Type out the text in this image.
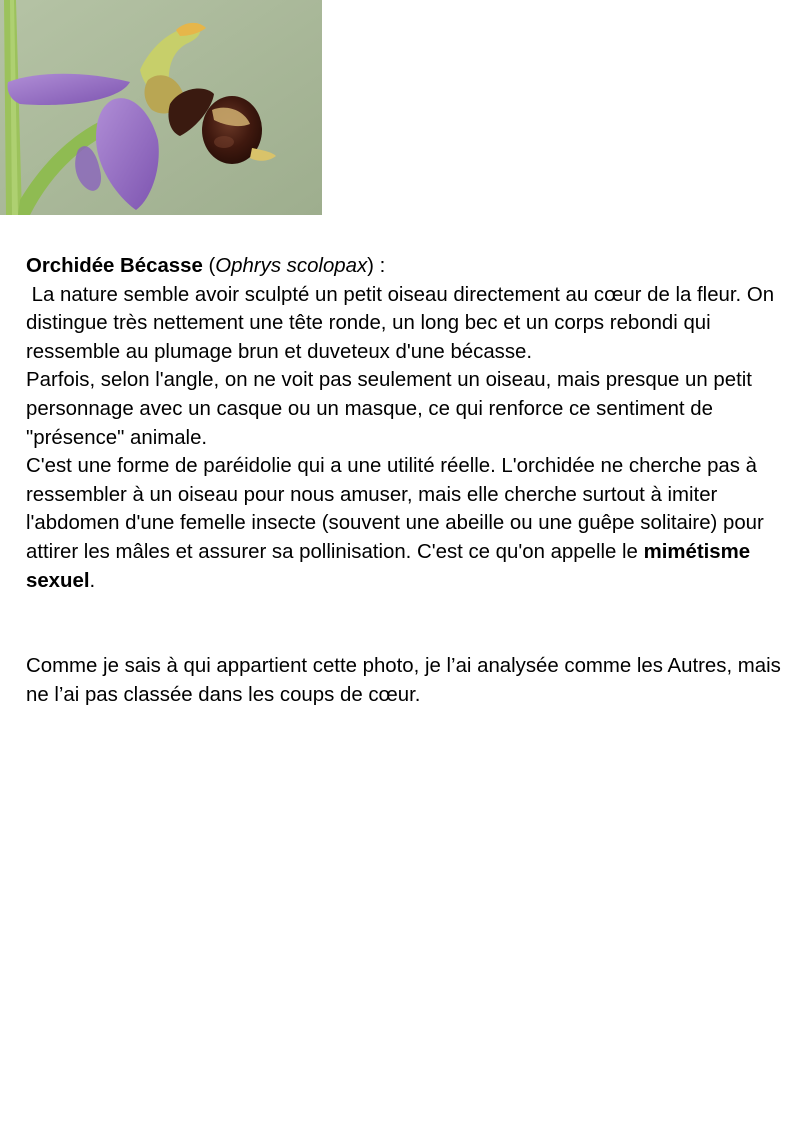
Orchidée Bécasse (Ophrys scolopax) :

La nature semble avoir sculpté un petit oiseau directement au cœur de la fleur. On distingue très nettement une tête ronde, un long bec et un corps rebondi qui ressemble au plumage brun et duveteux d'une bécasse.

Parfois, selon l'angle, on ne voit pas seulement un oiseau, mais presque un petit personnage avec un casque ou un masque, ce qui renforce ce sentiment de "présence" animale.

C'est une forme de paréidolie qui a une utilité réelle. L'orchidée ne cherche pas à ressembler à un oiseau pour nous amuser, mais elle cherche surtout à imiter l'abdomen d'une femelle insecte (souvent une abeille ou une guêpe solitaire) pour attirer les mâles et assurer sa pollinisation. C'est ce qu'on appelle le mimétisme sexuel.

Comme je sais à qui appartient cette photo, je l’ai analysée comme les Autres, mais ne l’ai pas classée dans les coups de cœur.
